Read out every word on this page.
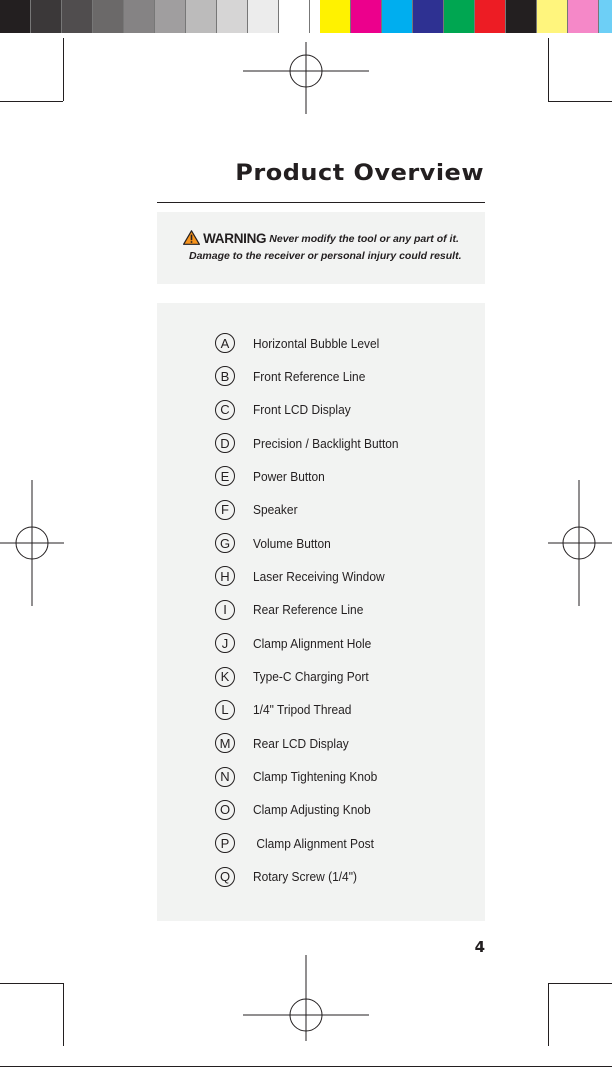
Product Overview
WARNING Never modify the tool or any part of it.
Damage to the receiver or personal injury could result.
A	Horizontal Bubble Level
B	Front Reference Line
C	Front LCD Display
D	Precision / Backlight Button
E	Power Button
F	Speaker
G	Volume Button
H	Laser Receiving Window
I	Rear Reference Line
J	Clamp Alignment Hole
K	Type-C Charging Port
L	1/4" Tripod Thread
M	Rear LCD Display
N	Clamp Tightening Knob
O	Clamp Adjusting Knob
P	Clamp Alignment Post
Q	Rotary Screw (1/4")
4
